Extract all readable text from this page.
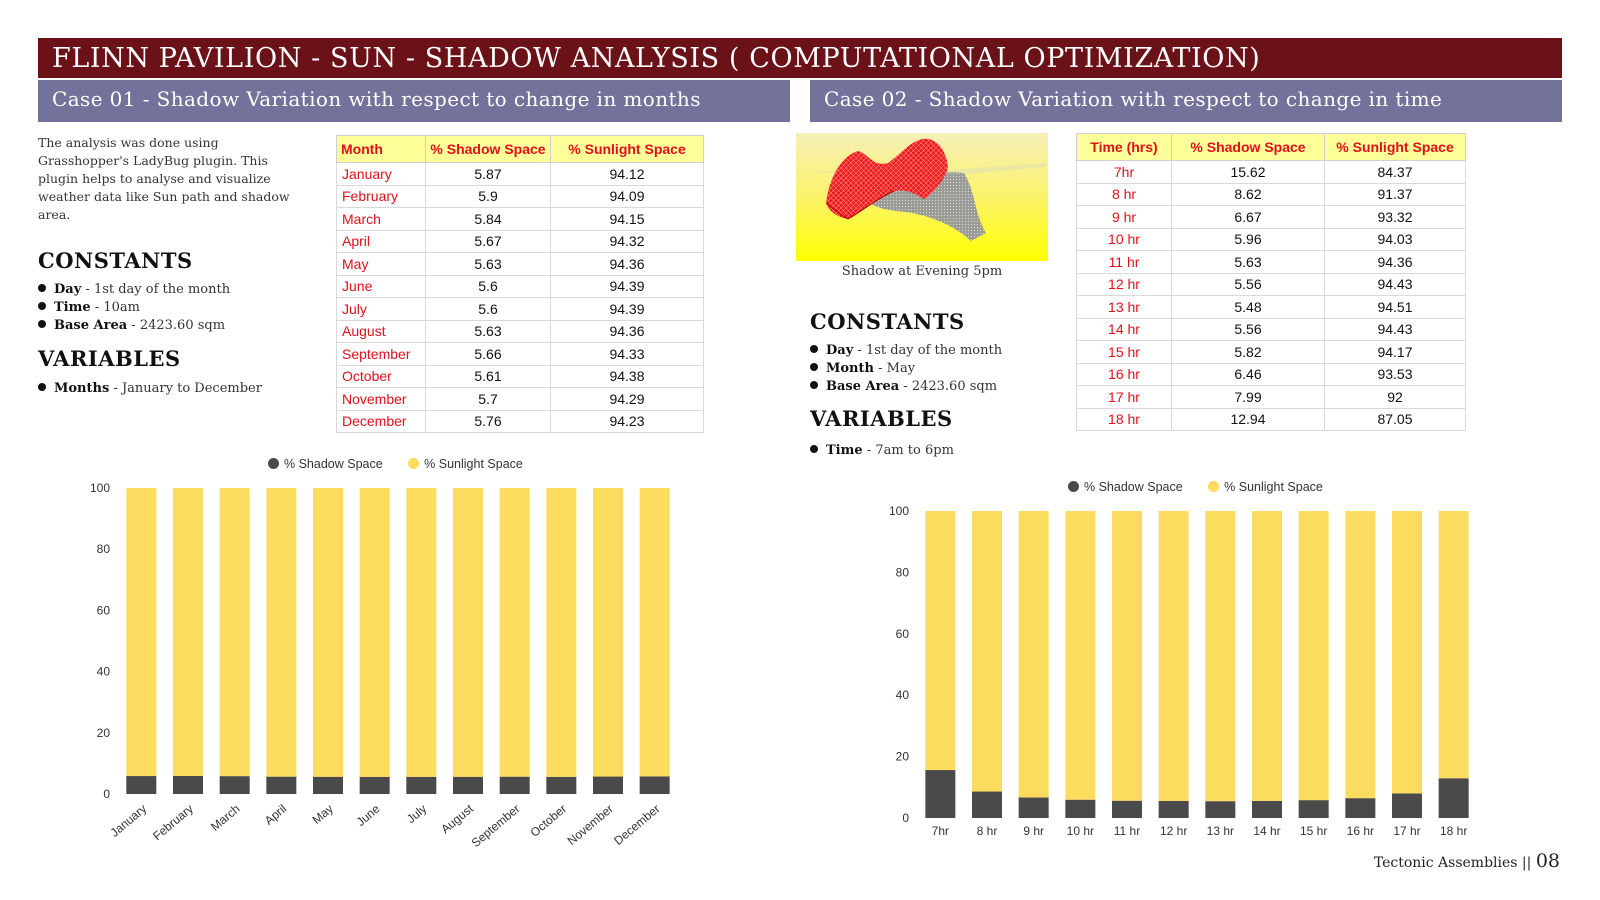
FLINN PAVILION - SUN - SHADOW ANALYSIS ( COMPUTATIONAL OPTIMIZATION)
Case 01 - Shadow Variation with respect to change in months	Case 02 - Shadow Variation with respect to change in time

The analysis was done using Grasshopper's LadyBug plugin. This plugin helps to analyse and visualize weather data like Sun path and shadow area.

CONSTANTS
Day - 1st day of the month
Time - 10am
Base Area - 2423.60 sqm
VARIABLES
Months - January to December
Month	% Shadow Space	% Sunlight Space
January	5.87	94.12
February	5.9	94.09
March	5.84	94.15
April	5.67	94.32
May	5.63	94.36
June	5.6	94.39
July	5.6	94.39
August	5.63	94.36
September	5.66	94.33
October	5.61	94.38
November	5.7	94.29
December	5.76	94.23
Shadow at Evening 5pm
CONSTANTS
Day - 1st day of the month
Month - May
Base Area - 2423.60 sqm
VARIABLES
Time - 7am to 6pm
Time (hrs)	% Shadow Space	% Sunlight Space
7hr	15.62	84.37
8 hr	8.62	91.37
9 hr	6.67	93.32
10 hr	5.96	94.03
11 hr	5.63	94.36
12 hr	5.56	94.43
13 hr	5.48	94.51
14 hr	5.56	94.43
15 hr	5.82	94.17
16 hr	6.46	93.53
17 hr	7.99	92
18 hr	12.94	87.05
% Shadow Space	% Sunlight Space
0
20
40
60
80
100
January February March April May June July August
September October
November
December
% Shadow Space	% Sunlight Space
0
20
40
60
80
100
7hr 8 hr 9 hr 10 hr 11 hr 12 hr 13 hr 14 hr 15 hr 16 hr 17 hr 18 hr
Tectonic Assemblies || 08
